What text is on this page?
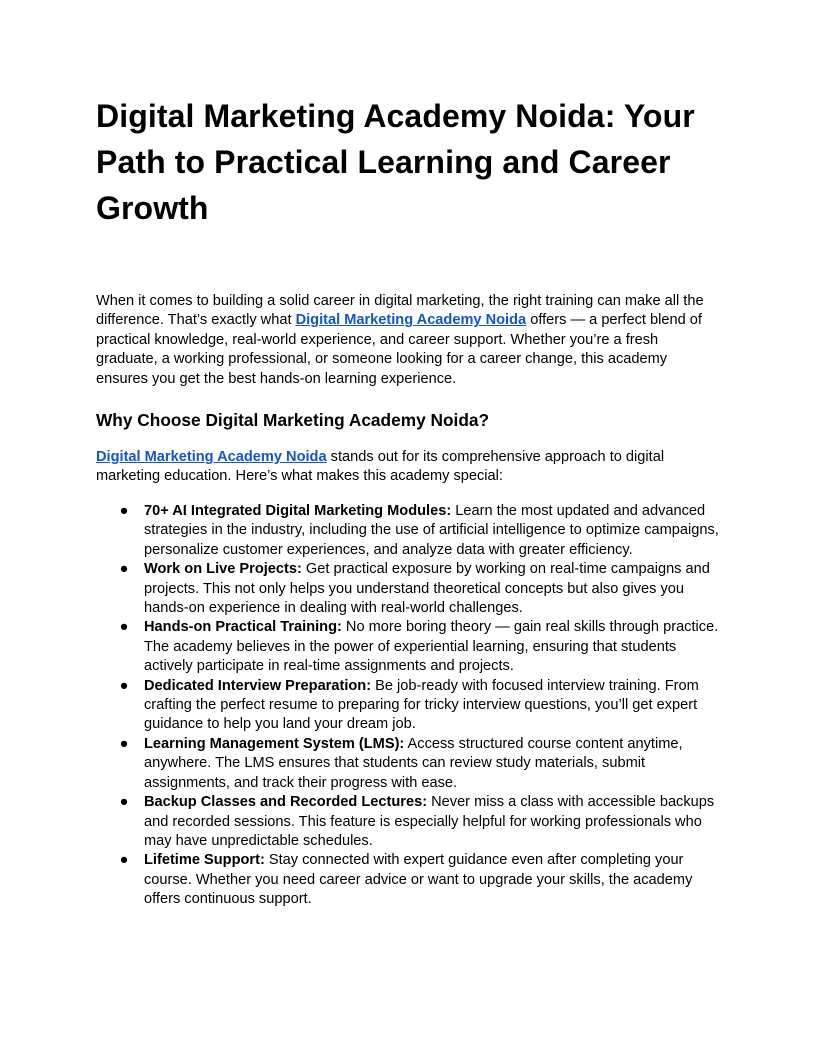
Digital Marketing Academy Noida: Your Path to Practical Learning and Career Growth

When it comes to building a solid career in digital marketing, the right training can make all the difference. That’s exactly what Digital Marketing Academy Noida offers — a perfect blend of practical knowledge, real-world experience, and career support. Whether you’re a fresh graduate, a working professional, or someone looking for a career change, this academy ensures you get the best hands-on learning experience.

Why Choose Digital Marketing Academy Noida?

Digital Marketing Academy Noida stands out for its comprehensive approach to digital marketing education. Here’s what makes this academy special:

● 70+ AI Integrated Digital Marketing Modules: Learn the most updated and advanced strategies in the industry, including the use of artificial intelligence to optimize campaigns, personalize customer experiences, and analyze data with greater efficiency.
● Work on Live Projects: Get practical exposure by working on real-time campaigns and projects. This not only helps you understand theoretical concepts but also gives you hands-on experience in dealing with real-world challenges.
● Hands-on Practical Training: No more boring theory — gain real skills through practice. The academy believes in the power of experiential learning, ensuring that students actively participate in real-time assignments and projects.
● Dedicated Interview Preparation: Be job-ready with focused interview training. From crafting the perfect resume to preparing for tricky interview questions, you’ll get expert guidance to help you land your dream job.
● Learning Management System (LMS): Access structured course content anytime, anywhere. The LMS ensures that students can review study materials, submit assignments, and track their progress with ease.
● Backup Classes and Recorded Lectures: Never miss a class with accessible backups and recorded sessions. This feature is especially helpful for working professionals who may have unpredictable schedules.
● Lifetime Support: Stay connected with expert guidance even after completing your course. Whether you need career advice or want to upgrade your skills, the academy offers continuous support.
